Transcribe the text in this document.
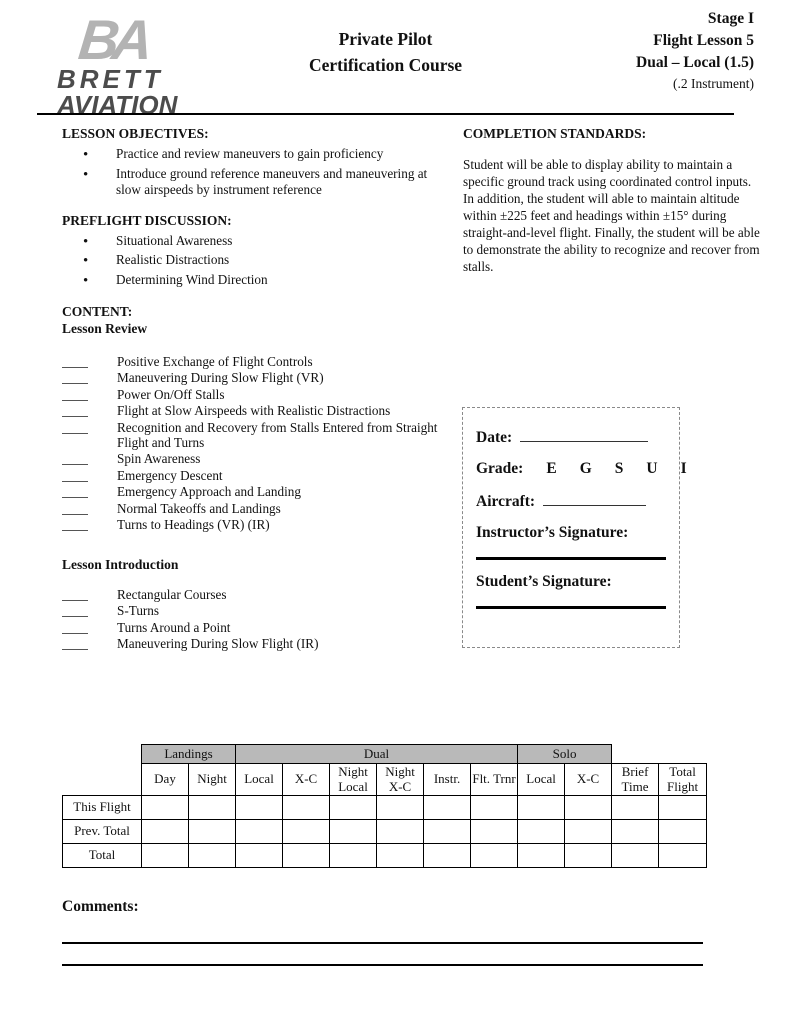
BA
BRETT
AVIATION
Private Pilot
Certification Course
Stage I
Flight Lesson 5
Dual – Local (1.5)
(.2 Instrument)
LESSON OBJECTIVES:
•
Practice and review maneuvers to gain proficiency
•
Introduce ground reference maneuvers and maneuvering at slow airspeeds by instrument reference
PREFLIGHT DISCUSSION:
•
Situational Awareness
•
Realistic Distractions
•
Determining Wind Direction
CONTENT:
Lesson Review
Positive Exchange of Flight Controls
Maneuvering During Slow Flight (VR)
Power On/Off Stalls
Flight at Slow Airspeeds with Realistic Distractions
Recognition and Recovery from Stalls Entered from Straight Flight and Turns
Spin Awareness
Emergency Descent
Emergency Approach and Landing
Normal Takeoffs and Landings
Turns to Headings (VR) (IR)
Lesson Introduction
Rectangular Courses
S-Turns
Turns Around a Point
Maneuvering During Slow Flight (IR)
COMPLETION STANDARDS:
Student will be able to display ability to maintain a specific ground track using coordinated control inputs. In addition, the student will able to maintain altitude within ±225 feet and headings within ±15° during straight-and-level flight. Finally, the student will be able to demonstrate the ability to recognize and recover from stalls.
Date:
Grade: E G S U I
Aircraft:
Instructor’s Signature:
Student’s Signature:
	Landings		Dual						Solo			
	Day	Night	Local	X-C	Night Local	Night X-C	Instr.	Flt. Trnr	Local	X-C	Brief Time	Total Flight
This Flight												
Prev. Total												
Total												
Comments:
